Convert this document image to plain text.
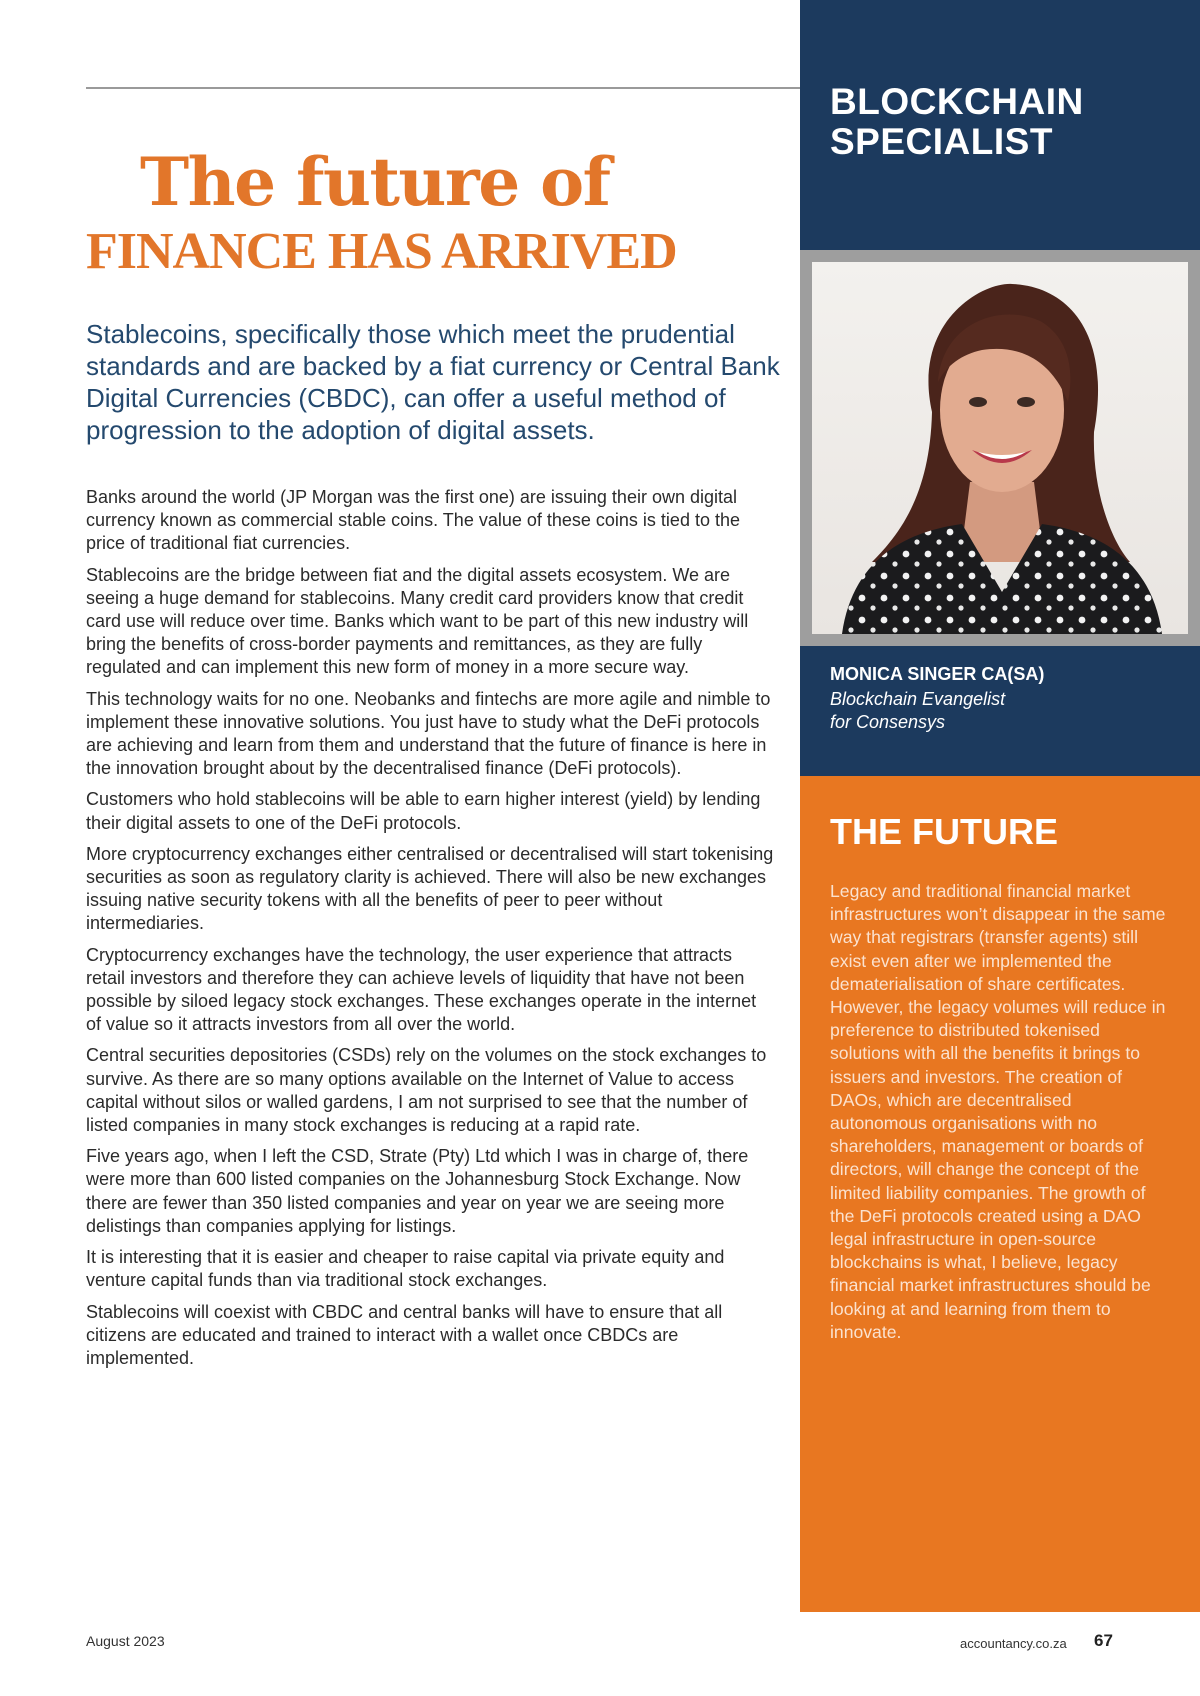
The future of
FINANCE HAS ARRIVED

Stablecoins, specifically those which meet the prudential standards and are backed by a fiat currency or Central Bank Digital Currencies (CBDC), can offer a useful method of progression to the adoption of digital assets.

Banks around the world (JP Morgan was the first one) are issuing their own digital currency known as commercial stable coins. The value of these coins is tied to the price of traditional fiat currencies.

Stablecoins are the bridge between fiat and the digital assets ecosystem. We are seeing a huge demand for stablecoins. Many credit card providers know that credit card use will reduce over time. Banks which want to be part of this new industry will bring the benefits of cross-border payments and remittances, as they are fully regulated and can implement this new form of money in a more secure way.

This technology waits for no one. Neobanks and fintechs are more agile and nimble to implement these innovative solutions. You just have to study what the DeFi protocols are achieving and learn from them and understand that the future of finance is here in the innovation brought about by the decentralised finance (DeFi protocols).

Customers who hold stablecoins will be able to earn higher interest (yield) by lending their digital assets to one of the DeFi protocols.

More cryptocurrency exchanges either centralised or decentralised will start tokenising securities as soon as regulatory clarity is achieved. There will also be new exchanges issuing native security tokens with all the benefits of peer to peer without intermediaries.

Cryptocurrency exchanges have the technology, the user experience that attracts retail investors and therefore they can achieve levels of liquidity that have not been possible by siloed legacy stock exchanges. These exchanges operate in the internet of value so it attracts investors from all over the world.

Central securities depositories (CSDs) rely on the volumes on the stock exchanges to survive. As there are so many options available on the Internet of Value to access capital without silos or walled gardens, I am not surprised to see that the number of listed companies in many stock exchanges is reducing at a rapid rate.

Five years ago, when I left the CSD, Strate (Pty) Ltd which I was in charge of, there were more than 600 listed companies on the Johannesburg Stock Exchange. Now there are fewer than 350 listed companies and year on year we are seeing more delistings than companies applying for listings.

It is interesting that it is easier and cheaper to raise capital via private equity and venture capital funds than via traditional stock exchanges.

Stablecoins will coexist with CBDC and central banks will have to ensure that all citizens are educated and trained to interact with a wallet once CBDCs are implemented.

BLOCKCHAIN
SPECIALIST

MONICA SINGER CA(SA)

Blockchain Evangelist
for Consensys

THE FUTURE

Legacy and traditional financial market infrastructures won’t disappear in the same way that registrars (transfer agents) still exist even after we implemented the dematerialisation of share certificates. However, the legacy volumes will reduce in preference to distributed tokenised solutions with all the benefits it brings to issuers and investors. The creation of DAOs, which are decentralised autonomous organisations with no shareholders, management or boards of directors, will change the concept of the limited liability companies. The growth of the DeFi protocols created using a DAO legal infrastructure in open-source blockchains is what, I believe, legacy financial market infrastructures should be looking at and learning from them to innovate.

August 2023	accountancy.co.za 67
